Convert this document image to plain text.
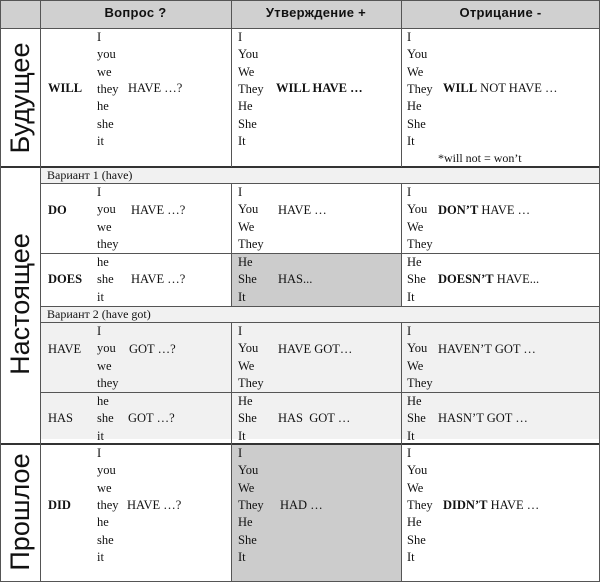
Вопрос ?	Утверждение +	Отрицание -
Будущее
Настоящее
Прошлое
WILL
I
you
we
they
he
she
it
HAVE …?
I
You
We
They
He
She
It
WILL HAVE …
I
You
We
They
He
She
It
WILL NOT HAVE …
*will not = won’t
Вариант 1 (have)
DO
I
you
we
they
HAVE …?
I
You
We
They
HAVE …
I
You
We
They
DON’T HAVE …
DOES
he
she
it
HAVE …?
He
She
It
HAS...
He
She
It
DOESN’T HAVE...
Вариант 2 (have got)
HAVE
I
you
we
they
GOT …?
I
You
We
They
HAVE GOT…
I
You
We
They
HAVEN’T GOT …
HAS
he
she
it
GOT …?
He
She
It
HAS  GOT …
He
She
It
HASN’T GOT …
DID
I
you
we
they
he
she
it
HAVE …?
I
You
We
They
He
She
It
HAD …
I
You
We
They
He
She
It
DIDN’T HAVE …
